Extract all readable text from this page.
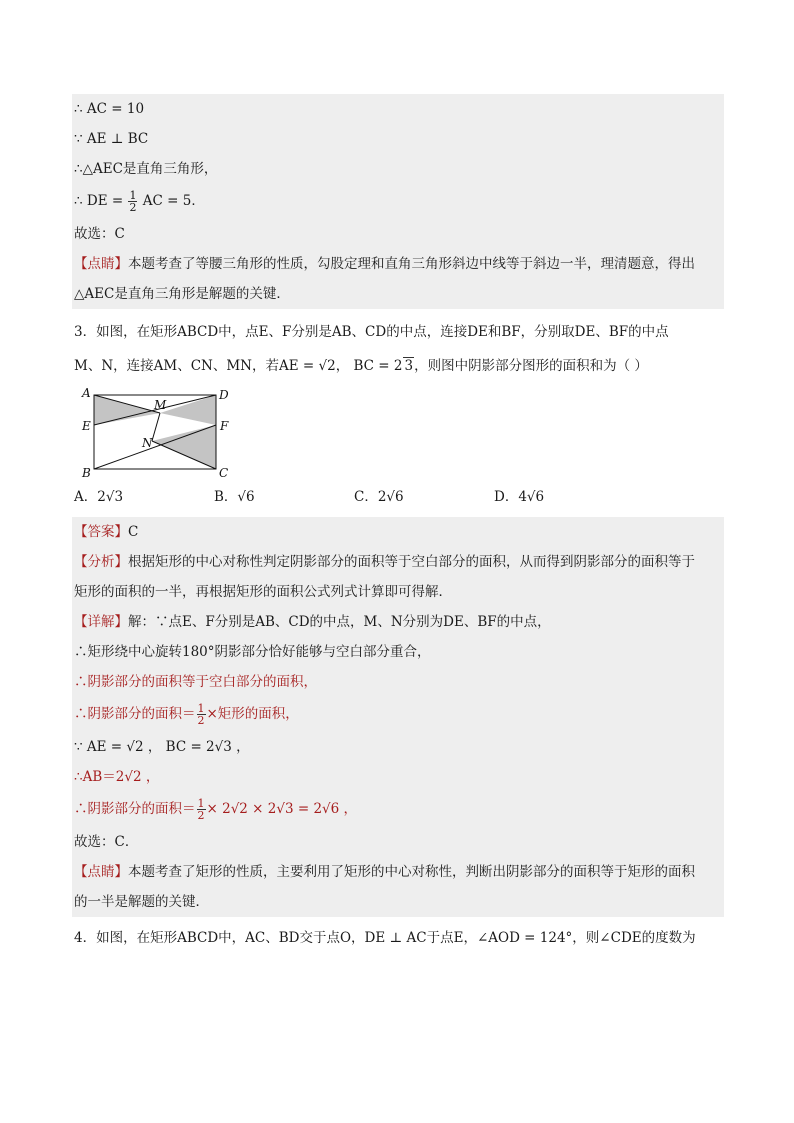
∴ AC = 10
∵ AE ⊥ BC
∴△AEC是直角三角形，
∴ DE = $\frac{1}{2}$ AC = 5．
故选：C
【点睛】本题考查了等腰三角形的性质，勾股定理和直角三角形斜边中线等于斜边一半，理清题意，得出
△AEC是直角三角形是解题的关键．
3．如图，在矩形ABCD中，点E、F分别是AB、CD的中点，连接DE和BF，分别取DE、BF的中点
M、N，连接AM、CN、MN，若AE = √2， BC = 2 3，则图中阴影部分图形的面积和为（ ）
A	D
E	F
M
N
B	C
A．2√3	B．√6	C．2√6	D．4√6
【答案】C
【分析】根据矩形的中心对称性判定阴影部分的面积等于空白部分的面积，从而得到阴影部分的面积等于
矩形的面积的一半，再根据矩形的面积公式列式计算即可得解．
【详解】解：∵点E、F分别是AB、CD的中点，M、N分别为DE、BF的中点，
∴矩形绕中心旋转180°阴影部分恰好能够与空白部分重合，
∴阴影部分的面积等于空白部分的面积，
∴阴影部分的面积＝ $\frac{1}{2}$ ×矩形的面积，
∵ AE = √2 ， BC = 2√3 ，
∴AB＝2√2 ，
∴阴影部分的面积＝ $\frac{1}{2} \times 2√2 \times 2√3 = 2√6$ ，
故选：C．
【点睛】本题考查了矩形的性质，主要利用了矩形的中心对称性，判断出阴影部分的面积等于矩形的面积
的一半是解题的关键．
4．如图，在矩形ABCD中，AC、BD交于点O，DE ⊥ AC于点E，∠AOD = 124°，则∠CDE的度数为
